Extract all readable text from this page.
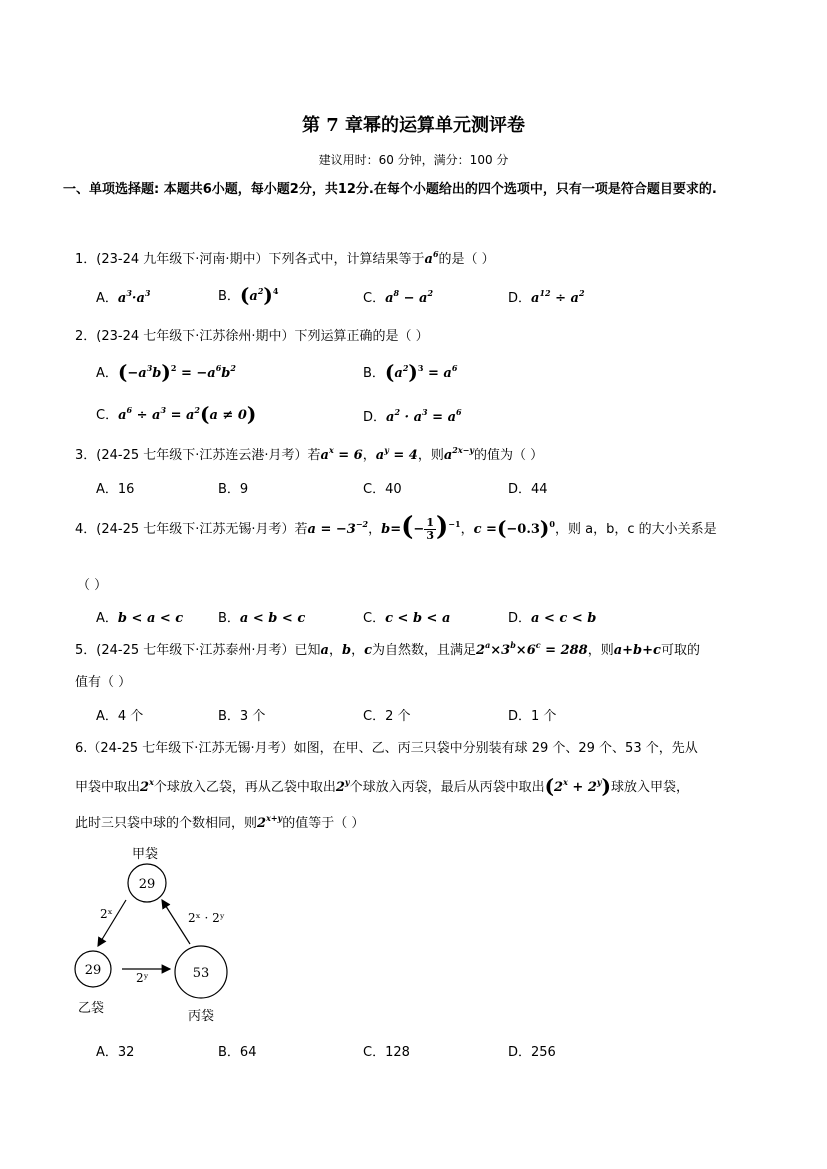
第 7 章幂的运算单元测评卷
建议用时：60 分钟，满分：100 分
一、单项选择题: 本题共6小题，每小题2分，共12分.在每个小题给出的四个选项中，只有一项是符合题目要求的.
1．(23-24 九年级下·河南·期中）下列各式中，计算结果等于$a^6$的是（ ）
A．$a^3\cdot a^3$	B．$(a^2)^4$	C．$a^8 - a^2$	D．$a^{12} \div a^2$
2．(23-24 七年级下·江苏徐州·期中）下列运算正确的是（ ）
A．$(-a^3b)^2 = -a^6b^2$	B．$(a^2)^3 = a^6$
C．$a^6 \div a^3 = a^2(a \ne 0)$	D．$a^2 \cdot a^3 = a^6$
3．(24-25 七年级下·江苏连云港·月考）若$a^x = 6$，$a^y = 4$，则$a^{2x-y}$的值为（ ）
A．16	B．9	C．40	D．44
4．(24-25 七年级下·江苏无锡·月考）若$a = -3^{-2}$，$b=(- \frac{1}{3} )^{-1}$，$c =(-0.3)^0$，则 a，b，c 的大小关系是
（ ）
A．b < a < c	B．a < b < c	C．c < b < a	D．a < c < b
5．(24-25 七年级下·江苏泰州·月考）已知a，b，c为自然数，且满足$2^a\times 3^b\times 6^c = 288$，则a+b+c可取的
值有（ ）
A．4 个	B．3 个	C．2 个	D．1 个
6.（24-25 七年级下·江苏无锡·月考）如图，在甲、乙、丙三只袋中分别装有球 29 个、29 个、53 个，先从
甲袋中取出2$^x$个球放入乙袋，再从乙袋中取出2$^y$个球放入丙袋，最后从丙袋中取出$(2^x + 2^y)$球放入甲袋，
此时三只袋中球的个数相同，则$2^{x+y}$的值等于（ ）
甲袋
29
29
乙袋
53
丙袋
2ˣ
2ʸ
2ˣ · 2ʸ
A．32	B．64	C．128	D．256
